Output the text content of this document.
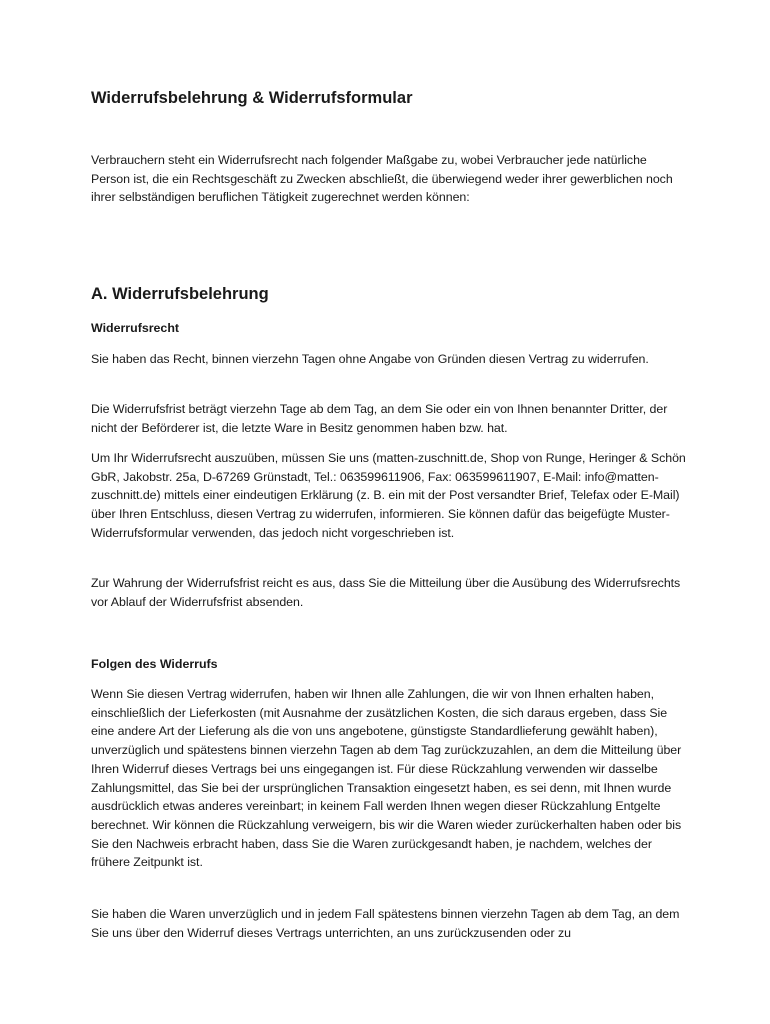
Widerrufsbelehrung & Widerrufsformular

Verbrauchern steht ein Widerrufsrecht nach folgender Maßgabe zu, wobei Verbraucher jede natürliche Person ist, die ein Rechtsgeschäft zu Zwecken abschließt, die überwiegend weder ihrer gewerblichen noch ihrer selbständigen beruflichen Tätigkeit zugerechnet werden können:

A. Widerrufsbelehrung
Widerrufsrecht

Sie haben das Recht, binnen vierzehn Tagen ohne Angabe von Gründen diesen Vertrag zu widerrufen.

Die Widerrufsfrist beträgt vierzehn Tage ab dem Tag, an dem Sie oder ein von Ihnen benannter Dritter, der nicht der Beförderer ist, die letzte Ware in Besitz genommen haben bzw. hat.

Um Ihr Widerrufsrecht auszuüben, müssen Sie uns (matten-zuschnitt.de, Shop von Runge, Heringer & Schön GbR, Jakobstr. 25a, D-67269 Grünstadt, Tel.: 063599611906, Fax: 063599611907, E-Mail: info@matten-zuschnitt.de) mittels einer eindeutigen Erklärung (z. B. ein mit der Post versandter Brief, Telefax oder E-Mail) über Ihren Entschluss, diesen Vertrag zu widerrufen, informieren. Sie können dafür das beigefügte Muster-Widerrufsformular verwenden, das jedoch nicht vorgeschrieben ist.

Zur Wahrung der Widerrufsfrist reicht es aus, dass Sie die Mitteilung über die Ausübung des Widerrufsrechts vor Ablauf der Widerrufsfrist absenden.

Folgen des Widerrufs

Wenn Sie diesen Vertrag widerrufen, haben wir Ihnen alle Zahlungen, die wir von Ihnen erhalten haben, einschließlich der Lieferkosten (mit Ausnahme der zusätzlichen Kosten, die sich daraus ergeben, dass Sie eine andere Art der Lieferung als die von uns angebotene, günstigste Standardlieferung gewählt haben), unverzüglich und spätestens binnen vierzehn Tagen ab dem Tag zurückzuzahlen, an dem die Mitteilung über Ihren Widerruf dieses Vertrags bei uns eingegangen ist. Für diese Rückzahlung verwenden wir dasselbe Zahlungsmittel, das Sie bei der ursprünglichen Transaktion eingesetzt haben, es sei denn, mit Ihnen wurde ausdrücklich etwas anderes vereinbart; in keinem Fall werden Ihnen wegen dieser Rückzahlung Entgelte berechnet. Wir können die Rückzahlung verweigern, bis wir die Waren wieder zurückerhalten haben oder bis Sie den Nachweis erbracht haben, dass Sie die Waren zurückgesandt haben, je nachdem, welches der frühere Zeitpunkt ist.

Sie haben die Waren unverzüglich und in jedem Fall spätestens binnen vierzehn Tagen ab dem Tag, an dem Sie uns über den Widerruf dieses Vertrags unterrichten, an uns zurückzusenden oder zu
